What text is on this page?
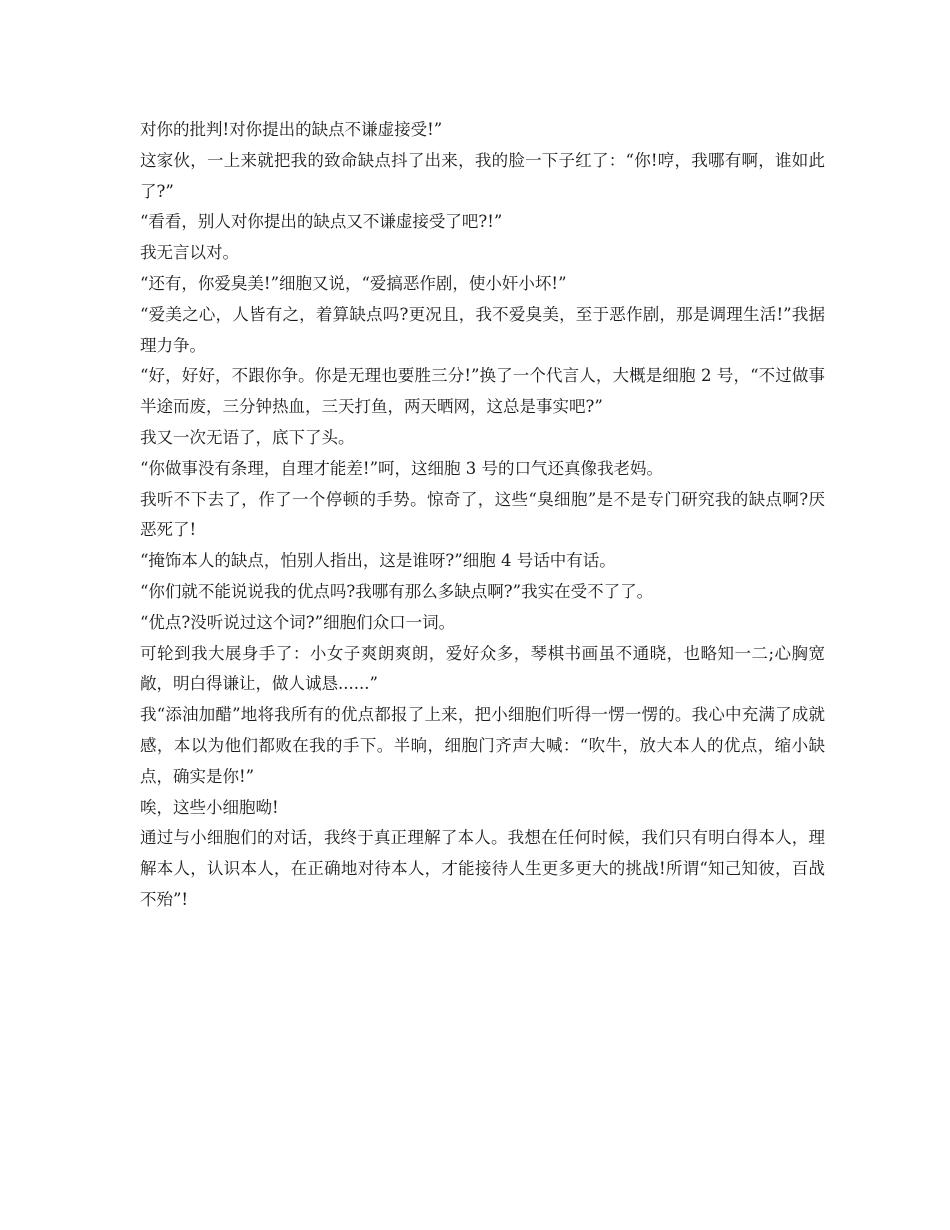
对你的批判!对你提出的缺点不谦虚接受!”

这家伙，一上来就把我的致命缺点抖了出来，我的脸一下子红了：“你!哼，我哪有啊，谁如此了?”

“看看，别人对你提出的缺点又不谦虚接受了吧?!”

我无言以对。

“还有，你爱臭美!”细胞又说，“爱搞恶作剧，使小奸小坏!”

“爱美之心，人皆有之，着算缺点吗?更况且，我不爱臭美，至于恶作剧，那是调理生活!”我据理力争。

“好，好好，不跟你争。你是无理也要胜三分!”换了一个代言人，大概是细胞 2 号，“不过做事半途而废，三分钟热血，三天打鱼，两天晒网，这总是事实吧?”

我又一次无语了，底下了头。

“你做事没有条理，自理才能差!”呵，这细胞 3 号的口气还真像我老妈。

我听不下去了，作了一个停顿的手势。惊奇了，这些“臭细胞”是不是专门研究我的缺点啊?厌恶死了!

“掩饰本人的缺点，怕别人指出，这是谁呀?”细胞 4 号话中有话。

“你们就不能说说我的优点吗?我哪有那么多缺点啊?”我实在受不了了。

“优点?没听说过这个词?”细胞们众口一词。

可轮到我大展身手了：小女子爽朗爽朗，爱好众多，琴棋书画虽不通晓，也略知一二;心胸宽敞，明白得谦让，做人诚恳......”

我“添油加醋”地将我所有的优点都报了上来，把小细胞们听得一愣一愣的。我心中充满了成就感，本以为他们都败在我的手下。半晌，细胞门齐声大喊：“吹牛，放大本人的优点，缩小缺点，确实是你!”

唉，这些小细胞呦!

通过与小细胞们的对话，我终于真正理解了本人。我想在任何时候，我们只有明白得本人，理解本人，认识本人，在正确地对待本人，才能接待人生更多更大的挑战!所谓“知己知彼，百战不殆”!
